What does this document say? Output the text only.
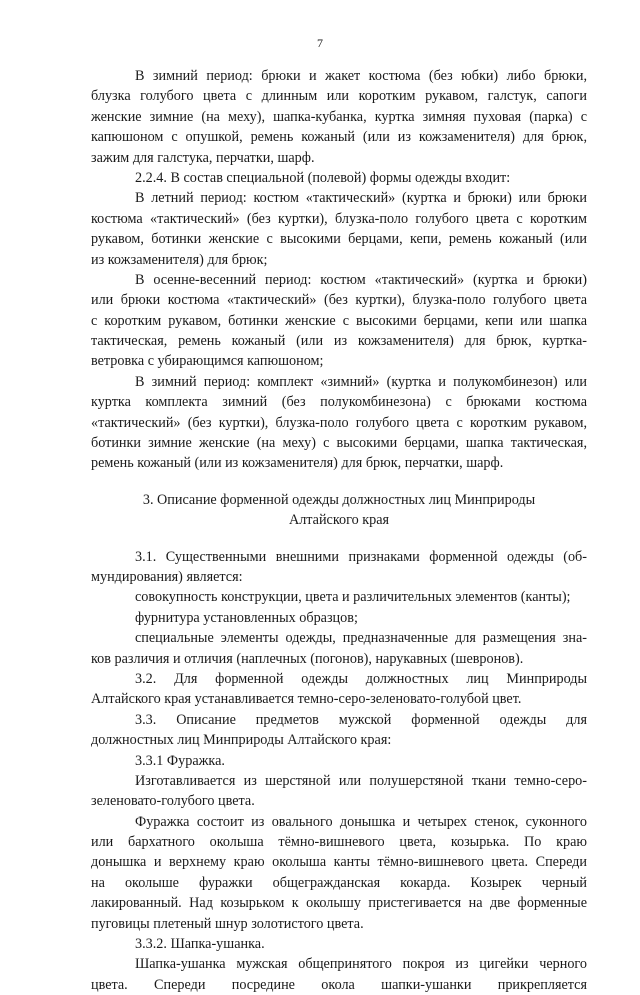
7
В зимний период: брюки и жакет костюма (без юбки) либо брюки,
блузка голубого цвета с длинным или коротким рукавом, галстук, сапоги
женские зимние (на меху), шапка-кубанка, куртка зимняя пуховая (парка) с
капюшоном с опушкой, ремень кожаный (или из кожзаменителя) для брюк,
зажим для галстука, перчатки, шарф.
2.2.4. В состав специальной (полевой) формы одежды входит:
В летний период: костюм «тактический» (куртка и брюки) или брюки
костюма «тактический» (без куртки), блузка-поло голубого цвета с коротким
рукавом, ботинки женские с высокими берцами, кепи, ремень кожаный (или
из кожзаменителя) для брюк;
В осенне-весенний период: костюм «тактический» (куртка и брюки)
или брюки костюма «тактический» (без куртки), блузка-поло голубого цвета
с коротким рукавом, ботинки женские с высокими берцами, кепи или шапка
тактическая, ремень кожаный (или из кожзаменителя) для брюк, куртка-
ветровка с убирающимся капюшоном;
В зимний период: комплект «зимний» (куртка и полукомбинезон) или
куртка комплекта зимний (без полукомбинезона) с брюками костюма
«тактический» (без куртки), блузка-поло голубого цвета с коротким рукавом,
ботинки зимние женские (на меху) с высокими берцами, шапка тактическая,
ремень кожаный (или из кожзаменителя) для брюк, перчатки, шарф.
3. Описание форменной одежды должностных лиц Минприроды
Алтайского края
3.1. Существенными внешними признаками форменной одежды (об-
мундирования) является:
совокупность конструкции, цвета и различительных элементов (канты);
фурнитура установленных образцов;
специальные элементы одежды, предназначенные для размещения зна-
ков различия и отличия (наплечных (погонов), нарукавных (шевронов).
3.2. Для форменной одежды должностных лиц Минприроды
Алтайского края устанавливается темно-серо-зеленовато-голубой цвет.
3.3. Описание предметов мужской форменной одежды для
должностных лиц Минприроды Алтайского края:
3.3.1 Фуражка.
Изготавливается из шерстяной или полушерстяной ткани темно-серо-
зеленовато-голубого цвета.
Фуражка состоит из овального донышка и четырех стенок, суконного
или бархатного околыша тёмно-вишневого цвета, козырька. По краю
донышка и верхнему краю околыша канты тёмно-вишневого цвета. Спереди
на околыше фуражки общегражданская кокарда. Козырек черный
лакированный. Над козырьком к околышу пристегивается на две форменные
пуговицы плетеный шнур золотистого цвета.
3.3.2. Шапка-ушанка.
Шапка-ушанка мужская общепринятого покроя из цигейки черного
цвета. Спереди посредине окола шапки-ушанки прикрепляется
